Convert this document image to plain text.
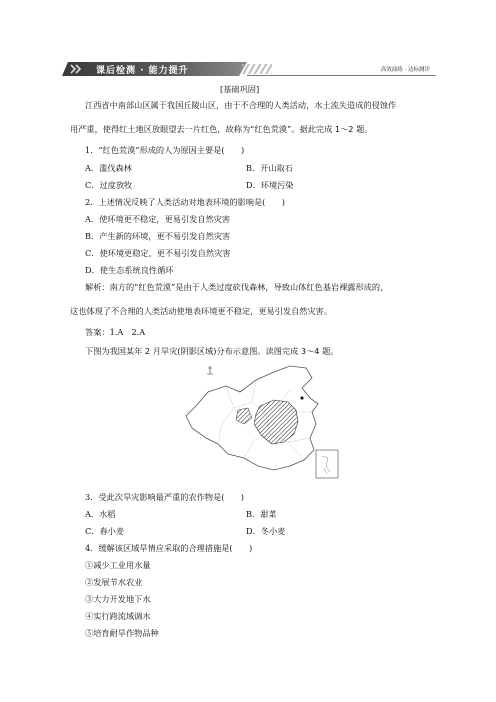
课后检测 · 能力提升	高效演练 · 达标测评
[基础巩固]
江西省中南部山区属于我国丘陵山区，由于不合理的人类活动，水土流失造成的侵蚀作
用严重，使得红土地区放眼望去一片红色，故称为“红色荒漠”。据此完成 1～2 题。
1．“红色荒漠”形成的人为原因主要是(　　)
A．滥伐森林	B．开山取石
C．过度放牧	D．环境污染
2．上述情况反映了人类活动对地表环境的影响是(　　)
A．使环境更不稳定，更易引发自然灾害
B．产生新的环境，更不易引发自然灾害
C．使环境更稳定，更不易引发自然灾害
D．使生态系统良性循环
解析：南方的“红色荒漠”是由于人类过度砍伐森林，导致山体红色基岩裸露形成的，
这也体现了不合理的人类活动使地表环境更不稳定，更易引发自然灾害。
答案：1.A　2.A
下图为我国某年 2 月旱灾(阴影区域)分布示意图。读图完成 3～4 题。
3．受此次旱灾影响最严重的农作物是(　　)
A．水稻	B．甜菜
C．春小麦	D．冬小麦
4．缓解该区域旱情应采取的合理措施是(　　)
①减少工业用水量
②发展节水农业
③大力开发地下水
④实行跨流域调水
⑤培育耐旱作物品种
